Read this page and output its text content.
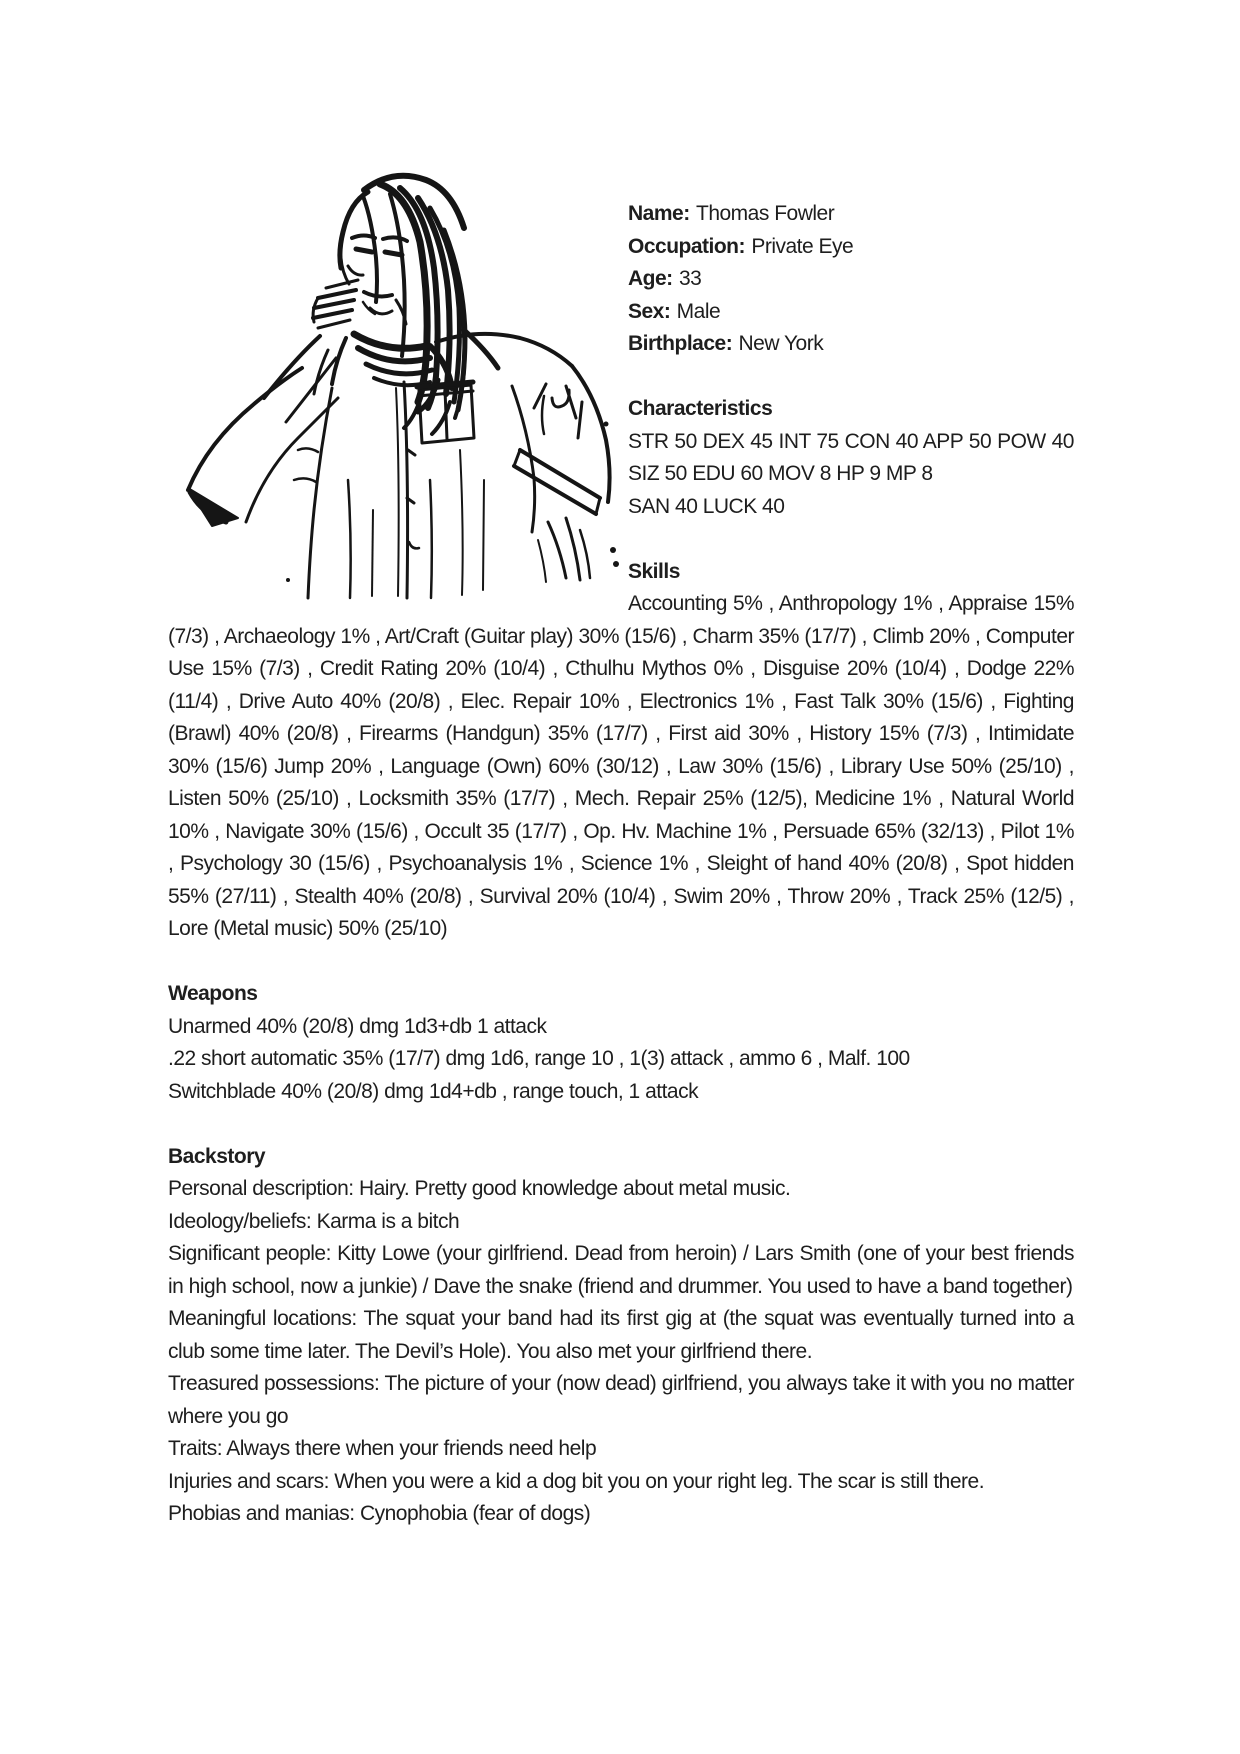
Name: Thomas Fowler

Occupation: Private Eye

Age: 33

Sex: Male

Birthplace: New York

Characteristics

STR 50 DEX 45 INT 75 CON 40 APP 50 POW 40

SIZ 50 EDU 60 MOV 8 HP 9 MP 8

SAN 40 LUCK 40

Skills

Accounting 5% , Anthropology 1% , Appraise 15% (7/3) , Archaeology 1% , Art/Craft (Guitar play) 30% (15/6) , Charm 35% (17/7) , Climb 20% , Computer Use 15% (7/3) , Credit Rating 20% (10/4) , Cthulhu Mythos 0% , Disguise 20% (10/4) , Dodge 22% (11/4) , Drive Auto 40% (20/8) , Elec. Repair 10% , Electronics 1% , Fast Talk 30% (15/6) , Fighting (Brawl) 40% (20/8) , Firearms (Handgun) 35% (17/7) , First aid 30% , History 15% (7/3) , Intimidate 30% (15/6) Jump 20% , Language (Own) 60% (30/12) , Law 30% (15/6) , Library Use 50% (25/10) , Listen 50% (25/10) , Locksmith 35% (17/7) , Mech. Repair 25% (12/5), Medicine 1% , Natural World 10% , Navigate 30% (15/6) , Occult 35 (17/7) , Op. Hv. Machine 1% , Persuade 65% (32/13) , Pilot 1% , Psychology 30 (15/6) , Psychoanalysis 1% , Science 1% , Sleight of hand 40% (20/8) , Spot hidden 55% (27/11) , Stealth 40% (20/8) , Survival 20% (10/4) , Swim 20% , Throw 20% , Track 25% (12/5) , Lore (Metal music) 50% (25/10)

Weapons

Unarmed 40% (20/8) dmg 1d3+db 1 attack

.22 short automatic 35% (17/7) dmg 1d6, range 10 , 1(3) attack , ammo 6 , Malf. 100

Switchblade 40% (20/8) dmg 1d4+db , range touch, 1 attack

Backstory

Personal description: Hairy. Pretty good knowledge about metal music.

Ideology/beliefs: Karma is a bitch

Significant people: Kitty Lowe (your girlfriend. Dead from heroin) / Lars Smith (one of your best friends in high school, now a junkie) / Dave the snake (friend and drummer. You used to have a band together)

Meaningful locations: The squat your band had its first gig at (the squat was eventually turned into a club some time later. The Devil’s Hole). You also met your girlfriend there.

Treasured possessions: The picture of your (now dead) girlfriend, you always take it with you no matter where you go

Traits: Always there when your friends need help

Injuries and scars: When you were a kid a dog bit you on your right leg. The scar is still there.

Phobias and manias: Cynophobia (fear of dogs)
